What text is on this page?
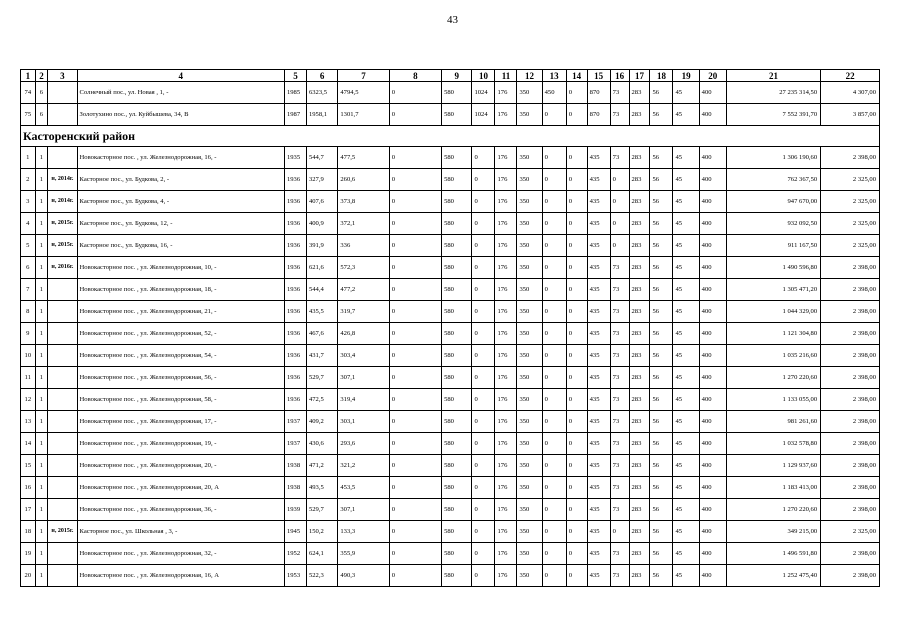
43
1	2	3	4	5	6	7	8	9	10	11	12	13	14	15	16	17	18	19	20	21	22
74	6		Солнечный пос., ул. Новая , 1, -	1985	6323,5	4794,5	0	580	1024	176	350	450	0	870	73	283	56	45	400	27 235 314,50	4 307,00
75	6		Золотухино пос., ул. Куйбышева, 34, В	1987	1958,1	1301,7	0	580	1024	176	350	0	0	870	73	283	56	45	400	7 552 391,70	3 857,00
Касторенский район																					
1	1		Новокасторное пос. , ул. Железнодорожная, 16, -	1935	544,7	477,5	0	580	0	176	350	0	0	435	73	283	56	45	400	1 306 190,60	2 398,00
2	1	н, 2014г.	Касторное пос., ул. Будкова, 2, -	1936	327,9	260,6	0	580	0	176	350	0	0	435	0	283	56	45	400	762 367,50	2 325,00
3	1	н, 2014г.	Касторное пос., ул. Будкова, 4, -	1936	407,6	373,8	0	580	0	176	350	0	0	435	0	283	56	45	400	947 670,00	2 325,00
4	1	н, 2015г.	Касторное пос., ул. Будкова, 12, -	1936	400,9	372,1	0	580	0	176	350	0	0	435	0	283	56	45	400	932 092,50	2 325,00
5	1	н, 2015г.	Касторное пос., ул. Будкова, 16, -	1936	391,9	336	0	580	0	176	350	0	0	435	0	283	56	45	400	911 167,50	2 325,00
6	1	н, 2016г.	Новокасторное пос. , ул. Железнодорожная, 10, -	1936	621,6	572,3	0	580	0	176	350	0	0	435	73	283	56	45	400	1 490 596,80	2 398,00
7	1		Новокасторное пос. , ул. Железнодорожная, 18, -	1936	544,4	477,2	0	580	0	176	350	0	0	435	73	283	56	45	400	1 305 471,20	2 398,00
8	1		Новокасторное пос. , ул. Железнодорожная, 21, -	1936	435,5	319,7	0	580	0	176	350	0	0	435	73	283	56	45	400	1 044 329,00	2 398,00
9	1		Новокасторное пос. , ул. Железнодорожная, 52, -	1936	467,6	426,8	0	580	0	176	350	0	0	435	73	283	56	45	400	1 121 304,80	2 398,00
10	1		Новокасторное пос. , ул. Железнодорожная, 54, -	1936	431,7	303,4	0	580	0	176	350	0	0	435	73	283	56	45	400	1 035 216,60	2 398,00
11	1		Новокасторное пос. , ул. Железнодорожная, 56, -	1936	529,7	307,1	0	580	0	176	350	0	0	435	73	283	56	45	400	1 270 220,60	2 398,00
12	1		Новокасторное пос. , ул. Железнодорожная, 58, -	1936	472,5	319,4	0	580	0	176	350	0	0	435	73	283	56	45	400	1 133 055,00	2 398,00
13	1		Новокасторное пос. , ул. Железнодорожная, 17, -	1937	409,2	303,1	0	580	0	176	350	0	0	435	73	283	56	45	400	981 261,60	2 398,00
14	1		Новокасторное пос. , ул. Железнодорожная, 19, -	1937	430,6	293,6	0	580	0	176	350	0	0	435	73	283	56	45	400	1 032 578,80	2 398,00
15	1		Новокасторное пос. , ул. Железнодорожная, 20, -	1938	471,2	321,2	0	580	0	176	350	0	0	435	73	283	56	45	400	1 129 937,60	2 398,00
16	1		Новокасторное пос. , ул. Железнодорожная, 20, А	1938	493,5	453,5	0	580	0	176	350	0	0	435	73	283	56	45	400	1 183 413,00	2 398,00
17	1		Новокасторное пос. , ул. Железнодорожная, 36, -	1939	529,7	307,1	0	580	0	176	350	0	0	435	73	283	56	45	400	1 270 220,60	2 398,00
18	1	н, 2015г.	Касторное пос., ул. Школьная , 3, -	1945	150,2	133,3	0	580	0	176	350	0	0	435	0	283	56	45	400	349 215,00	2 325,00
19	1		Новокасторное пос. , ул. Железнодорожная, 32, -	1952	624,1	355,9	0	580	0	176	350	0	0	435	73	283	56	45	400	1 496 591,80	2 398,00
20	1		Новокасторное пос. , ул. Железнодорожная, 16, А	1953	522,3	490,3	0	580	0	176	350	0	0	435	73	283	56	45	400	1 252 475,40	2 398,00
